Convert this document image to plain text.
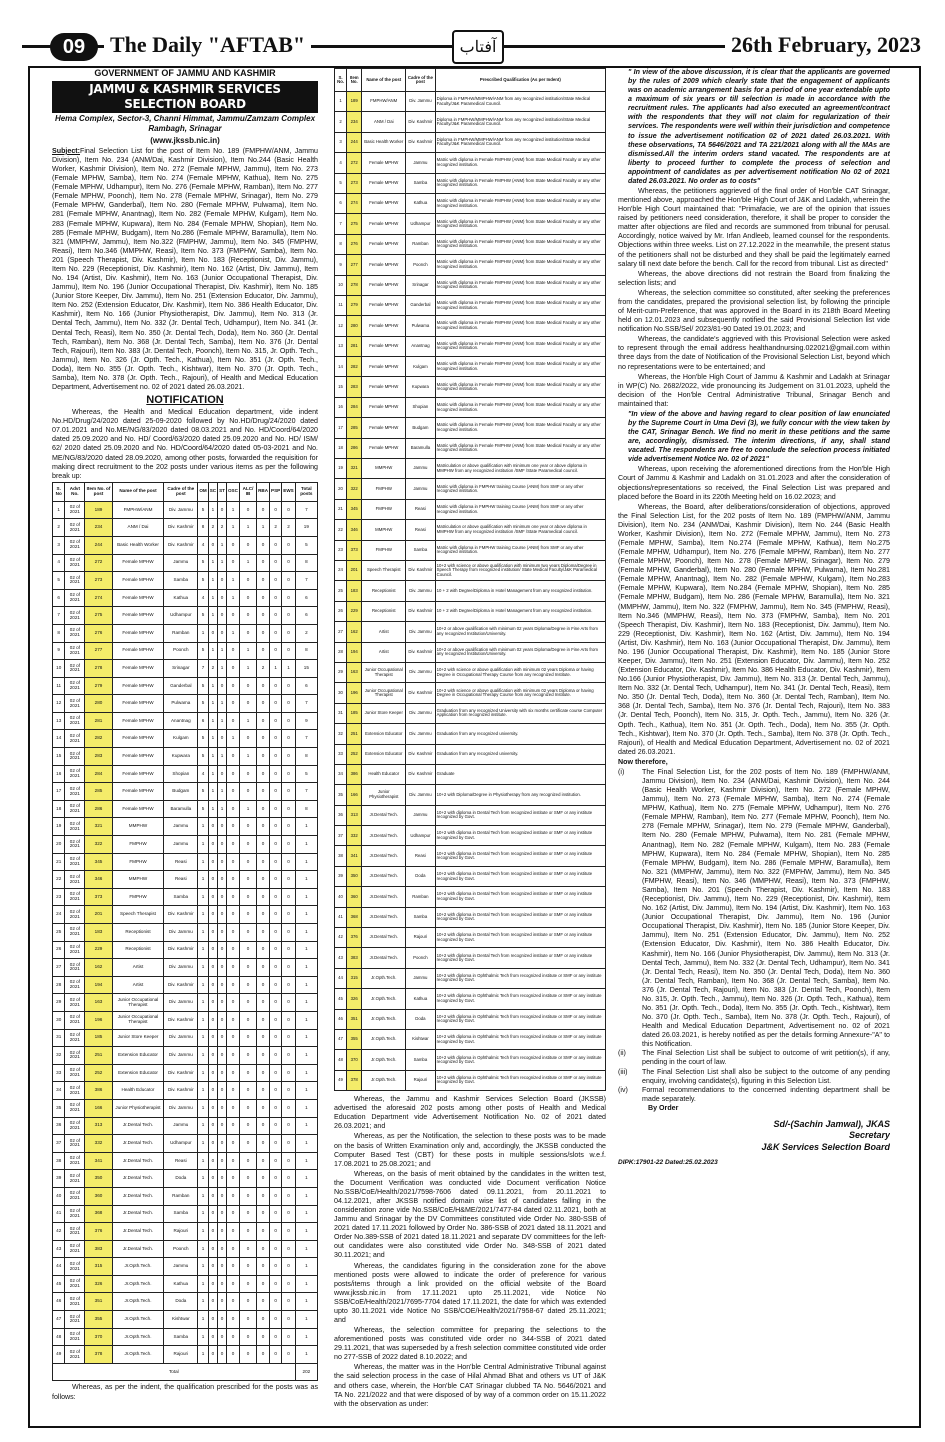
09	The Daily "AFTAB"	آفتاب	26th February, 2023

GOVERNMENT OF JAMMU AND KASHMIR

JAMMU & KASHMIR SERVICES SELECTION BOARD

Hema Complex, Sector-3, Channi Himmat, Jammu/Zamzam Complex Rambagh, Srinagar

(www.jkssb.nic.in)

Subject:Final Selection List for the post of Item No. 189 (FMPHW/ANM, Jammu Division), Item No. 234 (ANM/Dai, Kashmir Division), Item No.244 (Basic Health Worker, Kashmir Division), Item No. 272 (Female MPHW, Jammu), Item No. 273 (Female MPHW, Samba), Item No. 274 (Female MPHW, Kathua), Item No. 275 (Female MPHW, Udhampur), Item No. 276 (Female MPHW, Ramban), Item No. 277 (Female MPHW, Poonch), Item No. 278 (Female MPHW, Srinagar), Item No. 279 (Female MPHW, Ganderbal), Item No. 280 (Female MPHW, Pulwama), Item No. 281 (Female MPHW, Anantnag), Item No. 282 (Female MPHW, Kulgam), Item No. 283 (Female MPHW, Kupwara), Item No. 284 (Female MPHW, Shopian), Item No. 285 (Female MPHW, Budgam), Item No.286 (Female MPHW, Baramulla), Item No. 321 (MMPHW, Jammu), Item No.322 (FMPHW, Jammu), Item No. 345 (FMPHW, Reasi), Item No.346 (MMPHW, Reasi), Item No. 373 (FMPHW, Samba), Item No. 201 (Speech Therapist, Div. Kashmir), Item No. 183 (Receptionist, Div. Jammu), Item No. 229 (Receptionist, Div. Kashmir), Item No. 162 (Artist, Div. Jammu), Item No. 194 (Artist, Div. Kashmir), Item No. 163 (Junior Occupational Therapist, Div. Jammu), Item No. 196 (Junior Occupational Therapist, Div. Kashmir), Item No. 185 (Junior Store Keeper, Div. Jammu), Item No. 251 (Extension Educator, Div. Jammu), Item No. 252 (Extension Educator, Div. Kashmir), Item No. 386 Health Educator, Div. Kashmir), Item No. 166 (Junior Physiotherapist, Div. Jammu), Item No. 313 (Jr. Dental Tech, Jammu), Item No. 332 (Jr. Dental Tech, Udhampur), Item No. 341 (Jr. Dental Tech, Reasi), Item No. 350 (Jr. Dental Tech, Doda), Item No. 360 (Jr. Dental Tech, Ramban), Item No. 368 (Jr. Dental Tech, Samba), Item No. 376 (Jr. Dental Tech, Rajouri), Item No. 383 (Jr. Dental Tech, Poonch), Item No. 315, Jr. Opth. Tech., Jammu), Item No. 326 (Jr. Opth. Tech., Kathua), Item No. 351 (Jr. Opth. Tech., Doda), Item No. 355 (Jr. Opth. Tech., Kishtwar), Item No. 370 (Jr. Opth. Tech., Samba), Item No. 378 (Jr. Opth. Tech., Rajouri), of Health and Medical Education Department, Advertisement no. 02 of 2021 dated 26.03.2021.

NOTIFICATION

Whereas, the Health and Medical Education department, vide indent No.HD/Drug/24/2020 dated 25-09-2020 followed by No.HD/Drug/24/2020 dated 07.01.2021 and No.ME/NG/83/2020 dated 08.03.2021 and No. HD/Coord/64/2020 dated 25.09.2020 and No. HD/ Coord/63/2020 dated 25.09.2020 and No. HD/ ISM/ 62/ 2020 dated 25.09.2020 and No. HD/Coord/64/2020 dated 05-03-2021 and No. ME/NG/83/2020 dated 28.09.2020, among other posts, forwarded the requisition for making direct recruitment to the 202 posts under various items as per the following break up:

S. No	Advt No.	Item No. of post	Name of the post	Cadre of the post	OM	SC	ST	OSC	ALC/ IB	RBA	PSP	EWS	Total posts
1	02 of 2021	189	FMPHW/ANM	Div. Jammu	5	1	0	1	0	0	0	0	7
2	02 of 2021	234	ANM / Dai	Div. Kashmir	8	2	2	1	1	1	2	2	19
3	02 of 2021	244	Basic Health Worker	Div. Kashmir	4	0	1	0	0	0	0	0	5
4	02 of 2021	272	Female MPHW	Jammu	5	1	1	0	1	0	0	0	8
5	02 of 2021	273	Female MPHW	Samba	5	1	0	1	0	0	0	0	7
6	02 of 2021	274	Female MPHW	Kathua	4	1	0	1	0	0	0	0	6
7	02 of 2021	275	Female MPHW	Udhampur	5	1	0	0	0	0	0	0	6
8	02 of 2021	276	Female MPHW	Ramban	1	0	0	1	0	0	0	0	2
9	02 of 2021	277	Female MPHW	Poonch	5	1	1	0	1	0	0	0	8
10	02 of 2021	278	Female MPHW	Srinagar	7	2	1	0	1	2	1	1	15
11	02 of 2021	279	Female MPHW	Ganderbal	5	1	0	0	0	0	0	0	6
12	02 of 2021	280	Female MPHW	Pulwama	5	1	1	0	0	0	0	0	7
13	02 of 2021	281	Female MPHW	Anantnag	6	1	1	0	1	0	0	0	9
14	02 of 2021	282	Female MPHW	Kulgam	5	1	0	1	0	0	0	0	7
15	02 of 2021	283	Female MPHW	Kupwara	5	1	1	0	1	0	0	0	8
16	02 of 2021	284	Female MPHW	Shopian	4	1	0	0	0	0	0	0	5
17	02 of 2021	285	Female MPHW	Budgam	5	1	1	0	0	0	0	0	7
18	02 of 2021	286	Female MPHW	Baramulla	5	1	1	0	1	0	0	0	8
19	02 of 2021	321	MMPHW	Jammu	1	0	0	0	0	0	0	0	1
20	02 of 2021	322	FMPHW	Jammu	1	0	0	0	0	0	0	0	1
21	02 of 2021	345	FMPHW	Reasi	1	0	0	0	0	0	0	0	1
22	02 of 2021	346	MMPHW	Reasi	1	0	0	0	0	0	0	0	1
23	02 of 2021	373	FMPHW	Samba	1	0	0	0	0	0	0	0	1
24	02 of 2021	201	Speech Therapist	Div. Kashmir	1	0	0	0	0	0	0	0	1
25	02 of 2021	183	Receptionist	Div. Jammu	1	0	0	0	0	0	0	0	1
26	02 of 2021	229	Receptionist	Div. Kashmir	1	0	0	0	0	0	0	0	1
27	02 of 2021	162	Artist	Div. Jammu	1	0	0	0	0	0	0	0	1
28	02 of 2021	194	Artist	Div. Kashmir	1	0	0	0	0	0	0	0	1
29	02 of 2021	163	Junior Occupational Therapist	Div. Jammu	1	0	0	0	0	0	0	0	1
30	02 of 2021	196	Junior Occupational Therapist	Div. Kashmir	1	0	0	0	0	0	0	0	1
31	02 of 2021	185	Junior Store Keeper	Div. Jammu	1	0	0	0	0	0	0	0	1
32	02 of 2021	251	Extension Educator	Div. Jammu	1	0	0	0	0	0	0	0	1
33	02 of 2021	252	Extension Educator	Div. Kashmir	1	0	0	0	0	0	0	0	1
34	02 of 2021	386	Health Educator	Div. Kashmir	1	0	0	0	0	0	0	0	1
35	02 of 2021	166	Junior Physiotherapist	Div. Jammu	1	0	0	0	0	0	0	0	1
36	02 of 2021	313	Jr.Dental Tech.	Jammu	1	0	0	0	0	0	0	0	1
37	02 of 2021	332	Jr.Dental Tech.	Udhampur	1	0	0	0	0	0	0	0	1
38	02 of 2021	341	Jr.Dental Tech.	Reasi	1	0	0	0	0	0	0	0	1
39	02 of 2021	350	Jr.Dental Tech.	Doda	1	0	0	0	0	0	0	0	1
40	02 of 2021	360	Jr.Dental Tech.	Ramban	1	0	0	0	0	0	0	0	1
41	02 of 2021	368	Jr.Dental Tech.	Samba	1	0	0	0	0	0	0	0	1
42	02 of 2021	376	Jr.Dental Tech.	Rajouri	1	0	0	0	0	0	0	0	1
43	02 of 2021	383	Jr.Dental Tech.	Poonch	1	0	0	0	0	0	0	0	1
44	02 of 2021	315	Jr.Opth.Tech.	Jammu	1	0	0	0	0	0	0	0	1
45	02 of 2021	326	Jr.Opth.Tech.	Kathua	1	0	0	0	0	0	0	0	1
46	02 of 2021	351	Jr.Opth.Tech.	Doda	1	0	0	0	0	0	0	0	1
47	02 of 2021	355	Jr.Opth.Tech.	Kishtwar	1	0	0	0	0	0	0	0	1
48	02 of 2021	370	Jr.Opth.Tech.	Samba	1	0	0	0	0	0	0	0	1
49	02 of 2021	378	Jr.Opth.Tech.	Rajouri	1	0	0	0	0	0	0	0	1
Total													202

Whereas, as per the indent, the qualification prescribed for the posts was as follows:

S. No.	Item No.	Name of the post	Cadre of the post	Prescribed Qualification (As per Indent)
1	189	FMPHW/ANM	Div. Jammu	Diploma in FMPHW/MMPHW/ANM from any recognized institution/State Medical Faculty/J&K Paramedical Council.
2	234	ANM / Dai	Div. Kashmir	Diploma in FMPHW/MMPHW/ANM from any recognized institution/State Medical Faculty/J&K Paramedical Council.
3	244	Basic Health Worker	Div. Kashmir	Diploma in FMPHW/MMPHW/ANM from any recognized institution/State Medical Faculty/J&K Paramedical Council.
4	272	Female MPHW	Jammu	Matric with diploma in Female FMPHW (ANM) from State Medical Faculty or any other recognized institution.
5	273	Female MPHW	Samba	Matric with diploma in Female FMPHW (ANM) from State Medical Faculty or any other recognized institution.
6	274	Female MPHW	Kathua	Matric with diploma in Female FMPHW (ANM) from State Medical Faculty or any other recognized institution.
7	275	Female MPHW	Udhampur	Matric with diploma in Female FMPHW (ANM) from State Medical Faculty or any other recognized institution.
8	276	Female MPHW	Ramban	Matric with diploma in Female FMPHW (ANM) from State Medical Faculty or any other recognized institution.
9	277	Female MPHW	Poonch	Matric with diploma in Female FMPHW (ANM) from State Medical Faculty or any other recognized institution.
10	278	Female MPHW	Srinagar	Matric with diploma in Female FMPHW (ANM) from State Medical Faculty or any other recognized institution.
11	279	Female MPHW	Ganderbal	Matric with diploma in Female FMPHW (ANM) from State Medical Faculty or any other recognized institution.
12	280	Female MPHW	Pulwama	Matric with diploma in Female FMPHW (ANM) from State Medical Faculty or any other recognized institution.
13	281	Female MPHW	Anantnag	Matric with diploma in Female FMPHW (ANM) from State Medical Faculty or any other recognized institution.
14	282	Female MPHW	Kulgam	Matric with diploma in Female FMPHW (ANM) from State Medical Faculty or any other recognized institution.
15	283	Female MPHW	Kupwara	Matric with diploma in Female FMPHW (ANM) from State Medical Faculty or any other recognized institution.
16	284	Female MPHW	Shopian	Matric with diploma in Female FMPHW (ANM) from State Medical Faculty or any other recognized institution.
17	285	Female MPHW	Budgam	Matric with diploma in Female FMPHW (ANM) from State Medical Faculty or any other recognized institution.
18	286	Female MPHW	Baramulla	Matric with diploma in Female FMPHW (ANM) from State Medical Faculty or any other recognized institution.
19	321	MMPHW	Jammu	Matriculation or above qualification with minimum one year or above diploma in MMPHW from any recognized institution /SMF /State Paramedical council.
20	322	FMPHW	Jammu	Matric with diploma in FMPHW training Course (ANM) from SMF or any other recognized institution.
21	345	FMPHW	Reasi	Matric with diploma in FMPHW training Course (ANM) from SMF or any other recognized institution.
22	346	MMPHW	Reasi	Matriculation or above qualification with minimum one year or above diploma in MMPHW from any recognized institution /SMF /State Paramedical council.
23	373	FMPHW	Samba	Matric with diploma in FMPHW training Course (ANM) from SMF or any other recognized institution.
24	201	Speech Therapist	Div. Kashmir	10+2 with science or above qualification with minimum two years Diploma/Degree in Speech Therapy from recognized institution/ State Medical Faculty/J&K Paramedical Council.
25	183	Receptionist	Div. Jammu	10 + 2 with Degree/Diploma in Hotel Management from any recognized institution.
26	229	Receptionist	Div. Kashmir	10 + 2 with Degree/Diploma in Hotel Management from any recognized institution.
27	162	Artist	Div. Jammu	10+2 or above qualification with minimum 02 years Diploma/Degree in Fine Arts from any recognized Institution/University.
28	194	Artist	Div. Kashmir	10+2 or above qualification with minimum 02 years Diploma/Degree in Fine Arts from any recognized Institution/University.
29	163	Junior Occupational Therapist	Div. Jammu	10+2 with science or above qualification with minimum 02 years Diploma or having Degree in Occupational Therapy Course from any recognized Institute.
30	196	Junior Occupational Therapist	Div. Kashmir	10+2 with science or above qualification with minimum 02 years Diploma or having Degree in Occupational Therapy Course from any recognized Institute.
31	185	Junior Store Keeper	Div. Jammu	Graduation from any recognized University with six months certificate course Computer Application from recognized institute.
32	251	Extension Educator	Div. Jammu	Graduation from any recognized university.
33	252	Extension Educator	Div. Kashmir	Graduation from any recognized university.
34	386	Health Educator	Div. Kashmir	Graduate
35	166	Junior Physiotherapist	Div. Jammu	10+2 with Diploma/Degree in Physiotherapy from any recognized institution.
36	313	Jr.Dental Tech.	Jammu	10+2 with diploma in Dental Tech from recognized institute or SMF or any institute recognized by Govt.
37	332	Jr.Dental Tech.	Udhampur	10+2 with diploma in Dental Tech from recognized institute or SMF or any institute recognized by Govt.
38	341	Jr.Dental Tech.	Reasi	10+2 with diploma in Dental Tech from recognized institute or SMF or any institute recognized by Govt.
39	350	Jr.Dental Tech.	Doda	10+2 with diploma in Dental Tech from recognized institute or SMF or any institute recognized by Govt.
40	360	Jr.Dental Tech.	Ramban	10+2 with diploma in Dental Tech from recognized institute or SMF or any institute recognized by Govt.
41	368	Jr.Dental Tech.	Samba	10+2 with diploma in Dental Tech from recognized institute or SMF or any institute recognized by Govt.
42	376	Jr.Dental Tech.	Rajouri	10+2 with diploma in Dental Tech from recognized institute or SMF or any institute recognized by Govt.
43	383	Jr.Dental Tech.	Poonch	10+2 with diploma in Dental Tech from recognized institute or SMF or any institute recognized by Govt.
44	315	Jr.Opth.Tech.	Jammu	10+2 with diploma in Ophthalmic Tech from recognized institute or SMF or any institute recognized by Govt.
45	326	Jr.Opth.Tech.	Kathua	10+2 with diploma in Ophthalmic Tech from recognized institute or SMF or any institute recognized by Govt.
46	351	Jr.Opth.Tech.	Doda	10+2 with diploma in Ophthalmic Tech from recognized institute or SMF or any institute recognized by Govt.
47	355	Jr.Opth.Tech.	Kishtwar	10+2 with diploma in Ophthalmic Tech from recognized institute or SMF or any institute recognized by Govt.
48	370	Jr.Opth.Tech.	Samba	10+2 with diploma in Ophthalmic Tech from recognized institute or SMF or any institute recognized by Govt.
49	378	Jr.Opth.Tech.	Rajouri	10+2 with diploma in Ophthalmic Tech from recognized institute or SMF or any institute recognized by Govt.

Whereas, the Jammu and Kashmir Services Selection Board (JKSSB) advertised the aforesaid 202 posts among other posts of Health and Medical Education Department vide Advertisement Notification No. 02 of 2021 dated 26.03.2021; and

Whereas, as per the Notification, the selection to these posts was to be made on the basis of Written Examination only and, accordingly, the JKSSB conducted the Computer Based Test (CBT) for these posts in multiple sessions/slots w.e.f. 17.08.2021 to 25.08.2021; and

Whereas, on the basis of merit obtained by the candidates in the written test, the Document Verification was conducted vide Document verification Notice No.SSB/CoE/Health/2021/7598-7606 dated 09.11.2021, from 20.11.2021 to 04.12.2021, after JKSSB notified domain wise list of candidates falling in the consideration zone vide No.SSB/CoE/H&ME/2021/7477-84 dated 02.11.2021, both at Jammu and Srinagar by the DV Committees constituted vide Order No. 380-SSB of 2021 dated 17.11.2021 followed by Order No. 386-SSB of 2021 dated 18.11.2021 and Order No.389-SSB of 2021 dated 18.11.2021 and separate DV committees for the left-out candidates were also constituted vide Order No. 348-SSB of 2021 dated 30.11.2021; and

Whereas, the candidates figuring in the consideration zone for the above mentioned posts were allowed to indicate the order of preference for various posts/items through a link provided on the official website of the Board www.jkssb.nic.in from 17.11.2021 upto 25.11.2021, vide Notice No SSB/CoE/Health/2021/7695-7704 dated 17.11.2021, the date for which was extended upto 30.11.2021 vide Notice No SSB/COE/Health/2021/7958-67 dated 25.11.2021; and

Whereas, the selection committee for preparing the selections to the aforementioned posts was constituted vide order no 344-SSB of 2021 dated 29.11.2021, that was superseded by a fresh selection committee constituted vide order no 277-SSB of 2022 dated 8.10.2022; and

Whereas, the matter was in the Hon'ble Central Administrative Tribunal against the said selection process in the case of Hilal Ahmad Bhat and others vs UT of J&K and others case, wherein, the Hon'ble CAT Srinagar clubbed TA No. 5646/2021 and TA No. 221/2022 and that were disposed of by way of a common order on 15.11.2022 with the observation as under:

" In view of the above discussion, it is clear that the applicants are governed by the rules of 2009 which clearly state that the engagement of applicants was on academic arrangement basis for a period of one year extendable upto a maximum of six years or till selection is made in accordance with the recruitment rules. The applicants had also executed an agreement/contract with the respondents that they will not claim for regularization of their services. The respondents were well within their jurisdiction and competence to issue the advertisement notification 02 of 2021 dated 26.03.2021. With these observations, TA 5646/2021 and TA 221/2021 along with all the MAs are dismissed.All the interim orders stand vacated. The respondents are at liberty to proceed further to complete the process of selection and appointment of candidates as per advertisement notification No 02 of 2021 dated 26.03.2021. No order as to costs"

Whereas, the petitioners aggrieved of the final order of Hon'ble CAT Srinagar, mentioned above, approached the Hon'ble High Court of J&K and Ladakh, wherein the Hon'ble High Court maintained that: "Primafacie, we are of the opinion that issues raised by petitioners need consideration, therefore, it shall be proper to consider the matter after objections are filed and records are summoned from tribunal for perusal. Accordingly, notice waived by Mr. Irfan Andleeb, learned counsel for the respondents. Objections within three weeks. List on 27.12.2022 in the meanwhile, the present status of the petitioners shall not be disturbed and they shall be paid the legitimately earned salary till next date before the bench. Call for the record from tribunal. List as directed"

Whereas, the above directions did not restrain the Board from finalizing the selection lists; and

Whereas, the selection committee so constituted, after seeking the preferences from the candidates, prepared the provisional selection list, by following the principle of Merit-cum-Preference, that was approved in the Board in its 218th Board Meeting held on 12.01.2023 and subsequently notified the said Provisional Selection list vide notification No.SSB/Sel/ 2023/81-90 Dated 19.01.2023; and

Whereas, the candidate's aggrieved with this Provisional Selection were asked to represent through the email address healthandnursing.022021@gmail.com within three days from the date of Notification of the Provisional Selection List, beyond which no representations were to be entertained; and

Whereas, the Hon'ble High Court of Jammu & Kashmir and Ladakh at Srinagar in WP(C) No. 2682/2022, vide pronouncing its Judgement on 31.01.2023, upheld the decision of the Hon'ble Central Administrative Tribunal, Srinagar Bench and maintained that:

"In view of the above and having regard to clear position of law enunciated by the Supreme Court in Uma Devi (3), we fully concur with the view taken by the CAT, Srinagar Bench. We find no merit in these petitions and the same are, accordingly, dismissed. The interim directions, if any, shall stand vacated. The respondents are free to conclude the selection process initiated vide advertisement Notice No. 02 of 2021"

Whereas, upon receiving the aforementioned directions from the Hon'ble High Court of Jammu & Kashmir and Ladakh on 31.01.2023 and after the consideration of objections/representations so received, the Final Selection List was prepared and placed before the Board in its 220th Meeting held on 16.02.2023; and

Whereas, the Board, after deliberations/consideration of objections, approved the Final Selection List, for the 202 posts of Item No. 189 (FMPHW/ANM, Jammu Division), Item No. 234 (ANM/Dai, Kashmir Division), Item No. 244 (Basic Health Worker, Kashmir Division), Item No. 272 (Female MPHW, Jammu), Item No. 273 (Female MPHW, Samba), Item No.274 (Female MPHW, Kathua), Item No.275 (Female MPHW, Udhampur), Item No. 276 (Female MPHW, Ramban), Item No. 277 (Female MPHW, Poonch), Item No. 278 (Female MPHW, Srinagar), Item No. 279 (Female MPHW, Ganderbal), Item No. 280 (Female MPHW, Pulwama), Item No.281 (Female MPHW, Anantnag), Item No. 282 (Female MPHW, Kulgam), Item No.283 (Female MPHW, Kupwara), Item No.284 (Female MPHW, Shopian), Item No. 285 (Female MPHW, Budgam), Item No. 286 (Female MPHW, Baramulla), Item No. 321 (MMPHW, Jammu), Item No. 322 (FMPHW, Jammu), Item No. 345 (FMPHW, Reasi), Item No.346 (MMPHW, Reasi), Item No. 373 (FMPHW, Samba), Item No. 201 (Speech Therapist, Div. Kashmir), Item No. 183 (Receptionist, Div. Jammu), Item No. 229 (Receptionist, Div. Kashmir), Item No. 162 (Artist, Div. Jammu), Item No. 194 (Artist, Div. Kashmir), Item No. 163 (Junior Occupational Therapist, Div. Jammu), Item No. 196 (Junior Occupational Therapist, Div. Kashmir), Item No. 185 (Junior Store Keeper, Div. Jammu), Item No. 251 (Extension Educator, Div. Jammu), Item No. 252 (Extension Educator, Div. Kashmir), Item No. 386 Health Educator, Div. Kashmir), Item No.166 (Junior Physiotherapist, Div. Jammu), Item No. 313 (Jr. Dental Tech, Jammu), Item No. 332 (Jr. Dental Tech, Udhampur), Item No. 341 (Jr. Dental Tech, Reasi), Item No. 350 (Jr. Dental Tech, Doda), Item No. 360 (Jr. Dental Tech, Ramban), Item No. 368 (Jr. Dental Tech, Samba), Item No. 376 (Jr. Dental Tech, Rajouri), Item No. 383 (Jr. Dental Tech, Poonch), Item No. 315, Jr. Opth. Tech., Jammu), Item No. 326 (Jr. Opth. Tech., Kathua), Item No. 351 (Jr. Opth. Tech., Doda), Item No. 355 (Jr. Opth. Tech., Kishtwar), Item No. 370 (Jr. Opth. Tech., Samba), Item No. 378 (Jr. Opth. Tech., Rajouri), of Health and Medical Education Department, Advertisement no. 02 of 2021 dated 26.03.2021.

Now therefore,

(i)	The Final Selection List, for the 202 posts of Item No. 189 (FMPHW/ANM, Jammu Division), Item No. 234 (ANM/Dai, Kashmir Division), Item No. 244 (Basic Health Worker, Kashmir Division), Item No. 272 (Female MPHW, Jammu), Item No. 273 (Female MPHW, Samba), Item No. 274 (Female MPHW, Kathua), Item No. 275 (Female MPHW, Udhampur), Item No. 276 (Female MPHW, Ramban), Item No. 277 (Female MPHW, Poonch), Item No. 278 (Female MPHW, Srinagar), Item No. 279 (Female MPHW, Ganderbal), Item No. 280 (Female MPHW, Pulwama), Item No. 281 (Female MPHW, Anantnag), Item No. 282 (Female MPHW, Kulgam), Item No. 283 (Female MPHW, Kupwara), Item No. 284 (Female MPHW, Shopian), Item No. 285 (Female MPHW, Budgam), Item No. 286 (Female MPHW, Baramulla), Item No. 321 (MMPHW, Jammu), Item No. 322 (FMPHW, Jammu), Item No. 345 (FMPHW, Reasi), Item No. 346 (MMPHW, Reasi), Item No. 373 (FMPHW, Samba), Item No. 201 (Speech Therapist, Div. Kashmir), Item No. 183 (Receptionist, Div. Jammu), Item No. 229 (Receptionist, Div. Kashmir), Item No. 162 (Artist, Div. Jammu), Item No. 194 (Artist, Div. Kashmir), Item No. 163 (Junior Occupational Therapist, Div. Jammu), Item No. 196 (Junior Occupational Therapist, Div. Kashmir), Item No. 185 (Junior Store Keeper, Div. Jammu), Item No. 251 (Extension Educator, Div. Jammu), Item No. 252 (Extension Educator, Div. Kashmir), Item No. 386 Health Educator, Div. Kashmir), Item No. 166 (Junior Physiotherapist, Div. Jammu), Item No. 313 (Jr. Dental Tech, Jammu), Item No. 332 (Jr. Dental Tech, Udhampur), Item No. 341 (Jr. Dental Tech, Reasi), Item No. 350 (Jr. Dental Tech, Doda), Item No. 360 (Jr. Dental Tech, Ramban), Item No. 368 (Jr. Dental Tech, Samba), Item No. 376 (Jr. Dental Tech, Rajouri), Item No. 383 (Jr. Dental Tech, Poonch), Item No. 315, Jr. Opth. Tech., Jammu), Item No. 326 (Jr. Opth. Tech., Kathua), Item No. 351 (Jr. Opth. Tech., Doda), Item No. 355 (Jr. Opth. Tech., Kishtwar), Item No. 370 (Jr. Opth. Tech., Samba), Item No. 378 (Jr. Opth. Tech., Rajouri), of Health and Medical Education Department, Advertisement no. 02 of 2021 dated 26.03.2021, is hereby notified as per the details forming Annexure-"A" to this Notification.
(ii)	The Final Selection List shall be subject to outcome of writ petition(s), if any, pending in the court of law.
(iii)	The Final Selection List shall also be subject to the outcome of any pending enquiry, involving candidate(s), figuring in this Selection List.
(iv)	Formal recommendations to the concerned indenting department shall be made separately.

By Order

Sd/-(Sachin Jamwal), JKAS
Secretary
J&K Services Selection Board
DIPK:17901-22 Dated:25.02.2023
